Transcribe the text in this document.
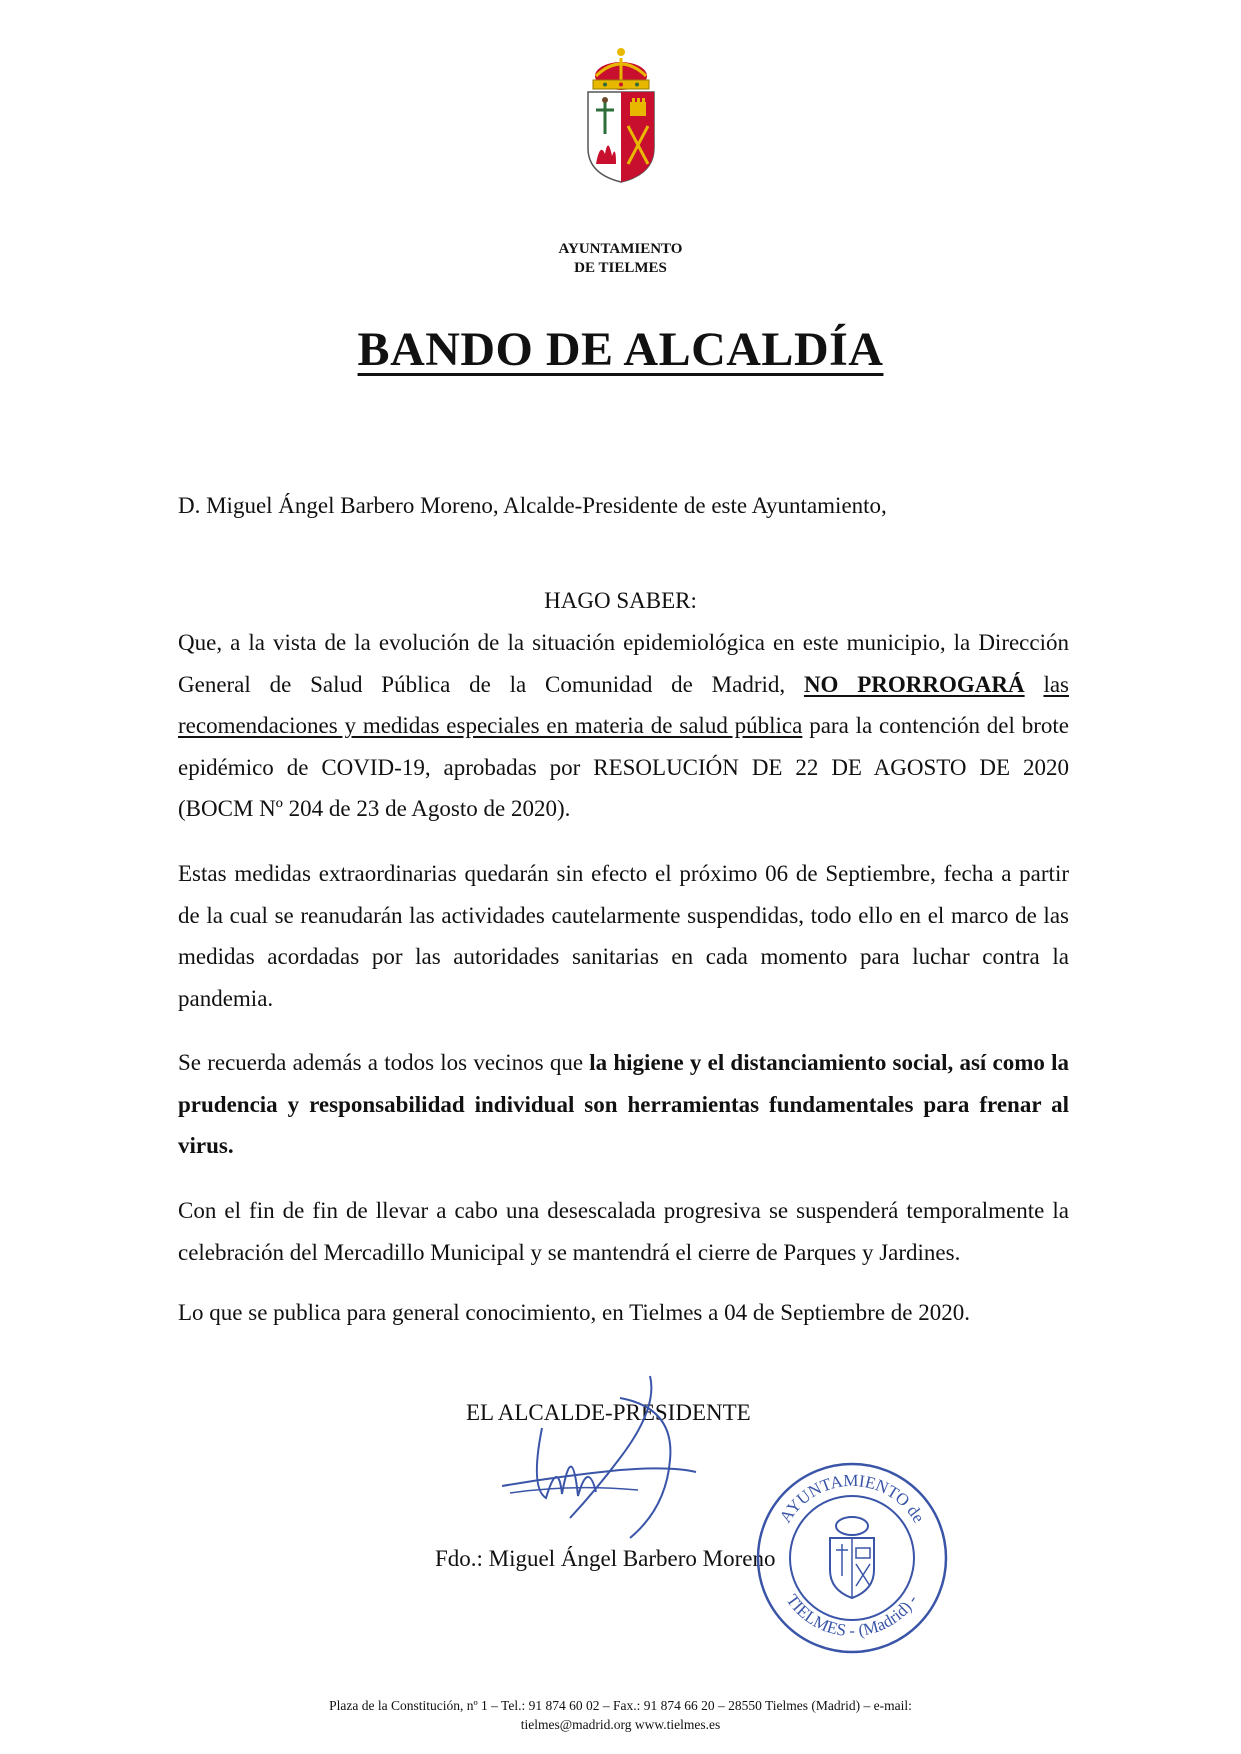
AYUNTAMIENTO
DE TIELMES
BANDO DE ALCALDÍA

D. Miguel Ángel Barbero Moreno, Alcalde-Presidente de este Ayuntamiento,

HAGO SABER:

Que, a la vista de la evolución de la situación epidemiológica en este municipio, la Dirección General de Salud Pública de la Comunidad de Madrid, NO PRORROGARÁ las recomendaciones y medidas especiales en materia de salud pública para la contención del brote epidémico de COVID-19, aprobadas por RESOLUCIÓN DE 22 DE AGOSTO DE 2020 (BOCM Nº 204 de 23 de Agosto de 2020).

Estas medidas extraordinarias quedarán sin efecto el próximo 06 de Septiembre, fecha a partir de la cual se reanudarán las actividades cautelarmente suspendidas, todo ello en el marco de las medidas acordadas por las autoridades sanitarias en cada momento para luchar contra la pandemia.

Se recuerda además a todos los vecinos que la higiene y el distanciamiento social, así como la prudencia y responsabilidad individual son herramientas fundamentales para frenar al virus.

Con el fin de fin de llevar a cabo una desescalada progresiva se suspenderá temporalmente la celebración del Mercadillo Municipal y se mantendrá el cierre de Parques y Jardines.

Lo que se publica para general conocimiento, en Tielmes a 04 de Septiembre de 2020.

EL ALCALDE-PRESIDENTE

Fdo.: Miguel Ángel Barbero Moreno

AYUNTAMIENTO de
TIELMES - (Madrid) -
Plaza de la Constitución, nº 1 – Tel.: 91 874 60 02 – Fax.: 91 874 66 20 – 28550 Tielmes (Madrid) – e-mail:
tielmes@madrid.org www.tielmes.es
